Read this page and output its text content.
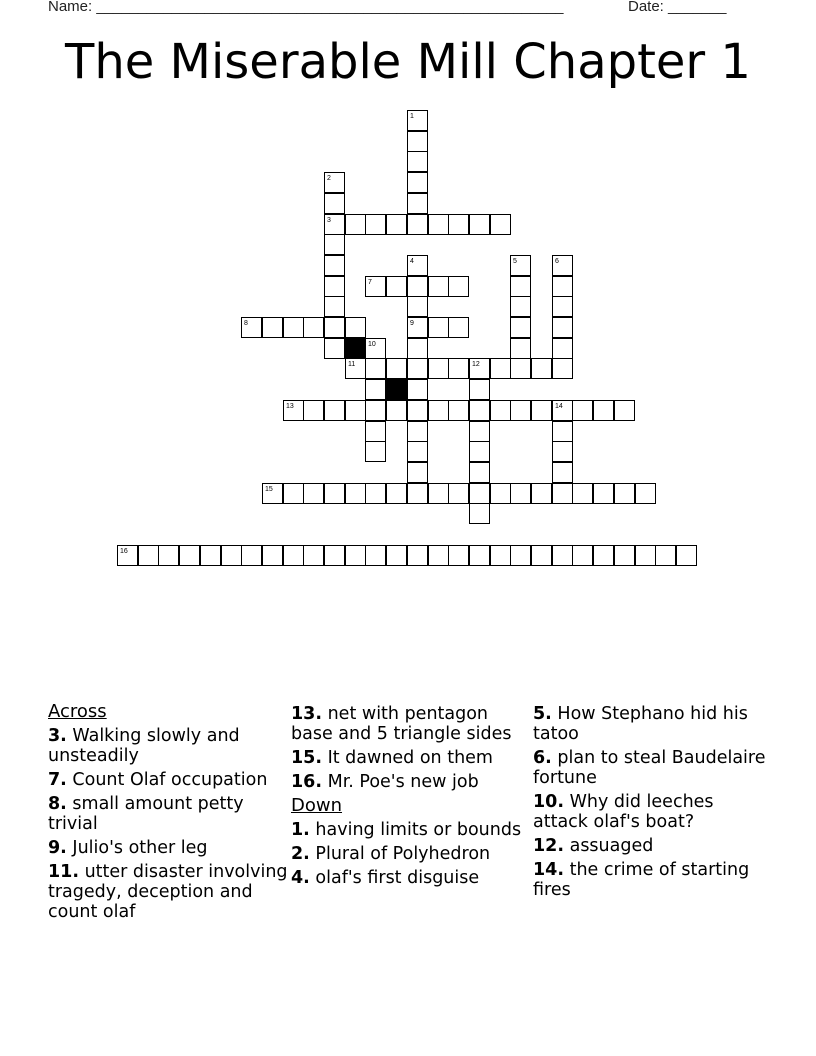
Name: ________________________________________________________	Date: _______
The Miserable Mill Chapter 1
1
2
3
4
9
5	6
7
8
10
11	12
13	14
15
16
Across
3. Walking slowly and unsteadily
7. Count Olaf occupation
8. small amount petty trivial
9. Julio's other leg
11. utter disaster involving tragedy, deception and count olaf
13. net with pentagon base and 5 triangle sides
15. It dawned on them
16. Mr. Poe's new job
Down
1. having limits or bounds
2. Plural of Polyhedron
4. olaf's first disguise
5. How Stephano hid his tatoo
6. plan to steal Baudelaire fortune
10. Why did leeches attack olaf's boat?
12. assuaged
14. the crime of starting fires
